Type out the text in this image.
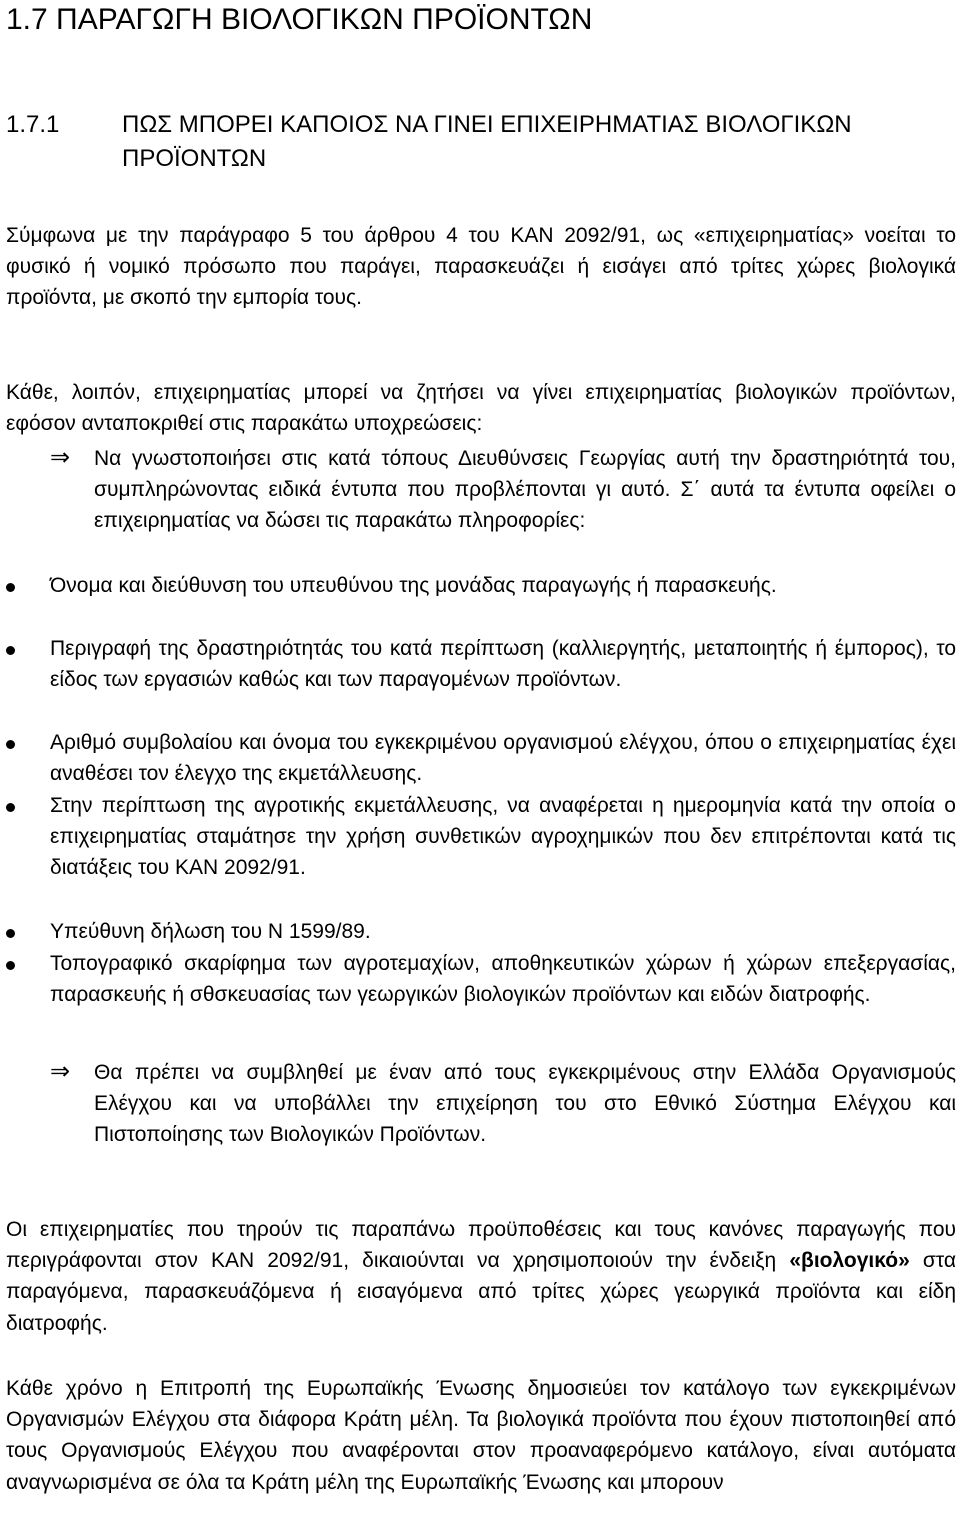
1.7 ΠΑΡΑΓΩΓΗ ΒΙΟΛΟΓΙΚΩΝ ΠΡΟΪΟΝΤΩΝ
1.7.1	ΠΩΣ ΜΠΟΡΕΙ ΚΑΠΟΙΟΣ ΝΑ ΓΙΝΕΙ ΕΠΙΧΕΙΡΗΜΑΤΙΑΣ ΒΙΟΛΟΓΙΚΩΝ ΠΡΟΪΟΝΤΩΝ
Σύμφωνα με την παράγραφο 5 του άρθρου 4 του ΚΑΝ 2092/91, ως «επιχειρηματίας» νοείται το φυσικό ή νομικό πρόσωπο που παράγει, παρασκευάζει ή εισάγει από τρίτες χώρες βιολογικά προϊόντα, με σκοπό την εμπορία τους.
Κάθε, λοιπόν, επιχειρηματίας μπορεί να ζητήσει να γίνει επιχειρηματίας βιολογικών προϊόντων, εφόσον ανταποκριθεί στις παρακάτω υποχρεώσεις:
⇒ Να γνωστοποιήσει στις κατά τόπους Διευθύνσεις Γεωργίας αυτή την δραστηριότητά του, συμπληρώνοντας ειδικά έντυπα που προβλέπονται γι αυτό. Σ΄ αυτά τα έντυπα οφείλει ο επιχειρηματίας να δώσει τις παρακάτω πληροφορίες:
Όνομα και διεύθυνση του υπευθύνου της μονάδας παραγωγής ή παρασκευής.
Περιγραφή της δραστηριότητάς του κατά περίπτωση (καλλιεργητής, μεταποιητής ή έμπορος), το είδος των εργασιών καθώς και των παραγομένων προϊόντων.
Αριθμό συμβολαίου και όνομα του εγκεκριμένου οργανισμού ελέγχου, όπου ο επιχειρηματίας έχει αναθέσει τον έλεγχο της εκμετάλλευσης.
Στην περίπτωση της αγροτικής εκμετάλλευσης, να αναφέρεται η ημερομηνία κατά την οποία ο επιχειρηματίας σταμάτησε την χρήση συνθετικών αγροχημικών που δεν επιτρέπονται κατά τις διατάξεις του ΚΑΝ 2092/91.
Υπεύθυνη δήλωση του Ν 1599/89.
Τοπογραφικό σκαρίφημα των αγροτεμαχίων, αποθηκευτικών χώρων ή χώρων επεξεργασίας, παρασκευής ή σθσκευασίας των γεωργικών βιολογικών προϊόντων και ειδών διατροφής.
⇒ Θα πρέπει να συμβληθεί με έναν από τους εγκεκριμένους στην Ελλάδα Οργανισμούς Ελέγχου και να υποβάλλει την επιχείρηση του στο Εθνικό Σύστημα Ελέγχου και Πιστοποίησης των Βιολογικών Προϊόντων.
Οι επιχειρηματίες που τηρούν τις παραπάνω προϋποθέσεις και τους κανόνες παραγωγής που περιγράφονται στον ΚΑΝ 2092/91, δικαιούνται να χρησιμοποιούν την ένδειξη «βιολογικό» στα παραγόμενα, παρασκευάζόμενα ή εισαγόμενα από τρίτες χώρες γεωργικά προϊόντα και είδη διατροφής.
Κάθε χρόνο η Επιτροπή της Ευρωπαϊκής Ένωσης δημοσιεύει τον κατάλογο των εγκεκριμένων Οργανισμών Ελέγχου στα διάφορα Κράτη μέλη. Τα βιολογικά προϊόντα που έχουν πιστοποιηθεί από τους Οργανισμούς Ελέγχου που αναφέρονται στον προαναφερόμενο κατάλογο, είναι αυτόματα αναγνωρισμένα σε όλα τα Κράτη μέλη της Ευρωπαϊκής Ένωσης και μπορουν
